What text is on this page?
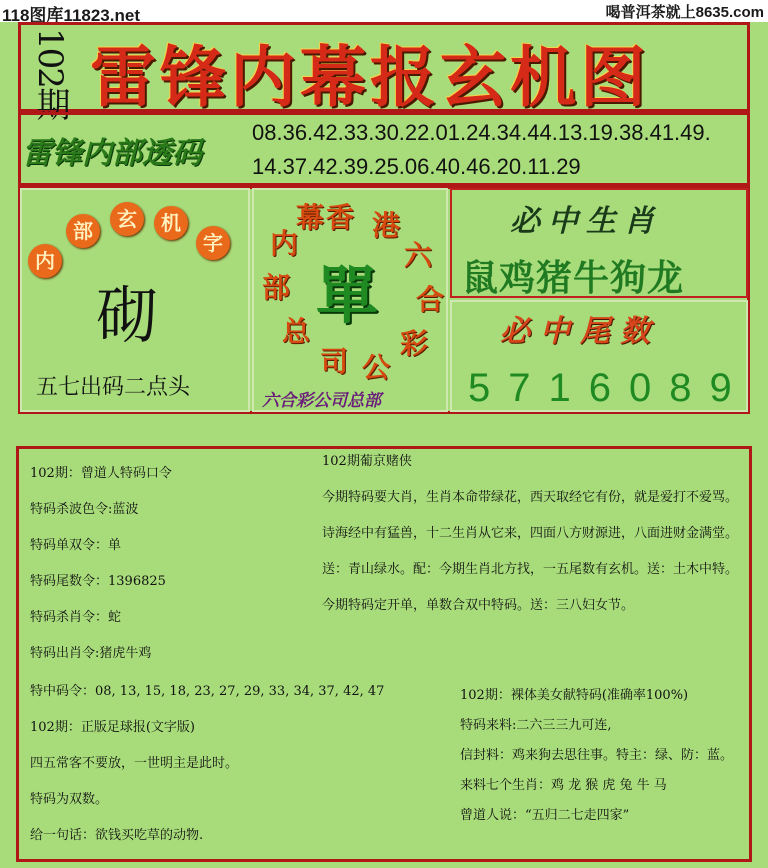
118图库11823.net	喝普洱茶就上8635.com
102期 雷锋内幕报玄机图
雷锋内部透码
08.36.42.33.30.22.01.24.34.44.13.19.38.41.49.
14.37.42.39.25.06.40.46.20.11.29
内
部	玄	机
字
砌
五七出码二点头
香 港
六
合
彩
公
司
总
部
内
幕
單
六合彩公司总部
必中生肖
鼠鸡猪牛狗龙
必中尾数
5716089
102期：曾道人特码口令
特码杀波色令:蓝波
特码单双令：单
特码尾数令：1396825
特码杀肖令：蛇
特码出肖令:猪虎牛鸡
特中码令：08, 13, 15, 18, 23, 27, 29, 33, 34, 37, 42, 47
102期：正版足球报(文字版)
四五常客不要放，一世明主是此时。
特码为双数。
给一句话：欲钱买吃草的动物.
102期葡京赌侠
今期特码要大肖，生肖本命带绿花，西天取经它有份，就是爱打不爱骂。
诗海经中有猛兽，十二生肖从它来，四面八方财源进，八面进财金满堂。
送：青山绿水。配：今期生肖北方找，一五尾数有玄机。送：土木中特。
今期特码定开单，单数合双中特码。送：三八妇女节。
102期：裸体美女献特码(准确率100%)
特码来料:二六三三九可连,
信封料：鸡来狗去思往事。特主：绿、防：蓝。
来料七个生肖：鸡 龙 猴 虎 兔 牛 马
曾道人说：“五归二七走四家”
